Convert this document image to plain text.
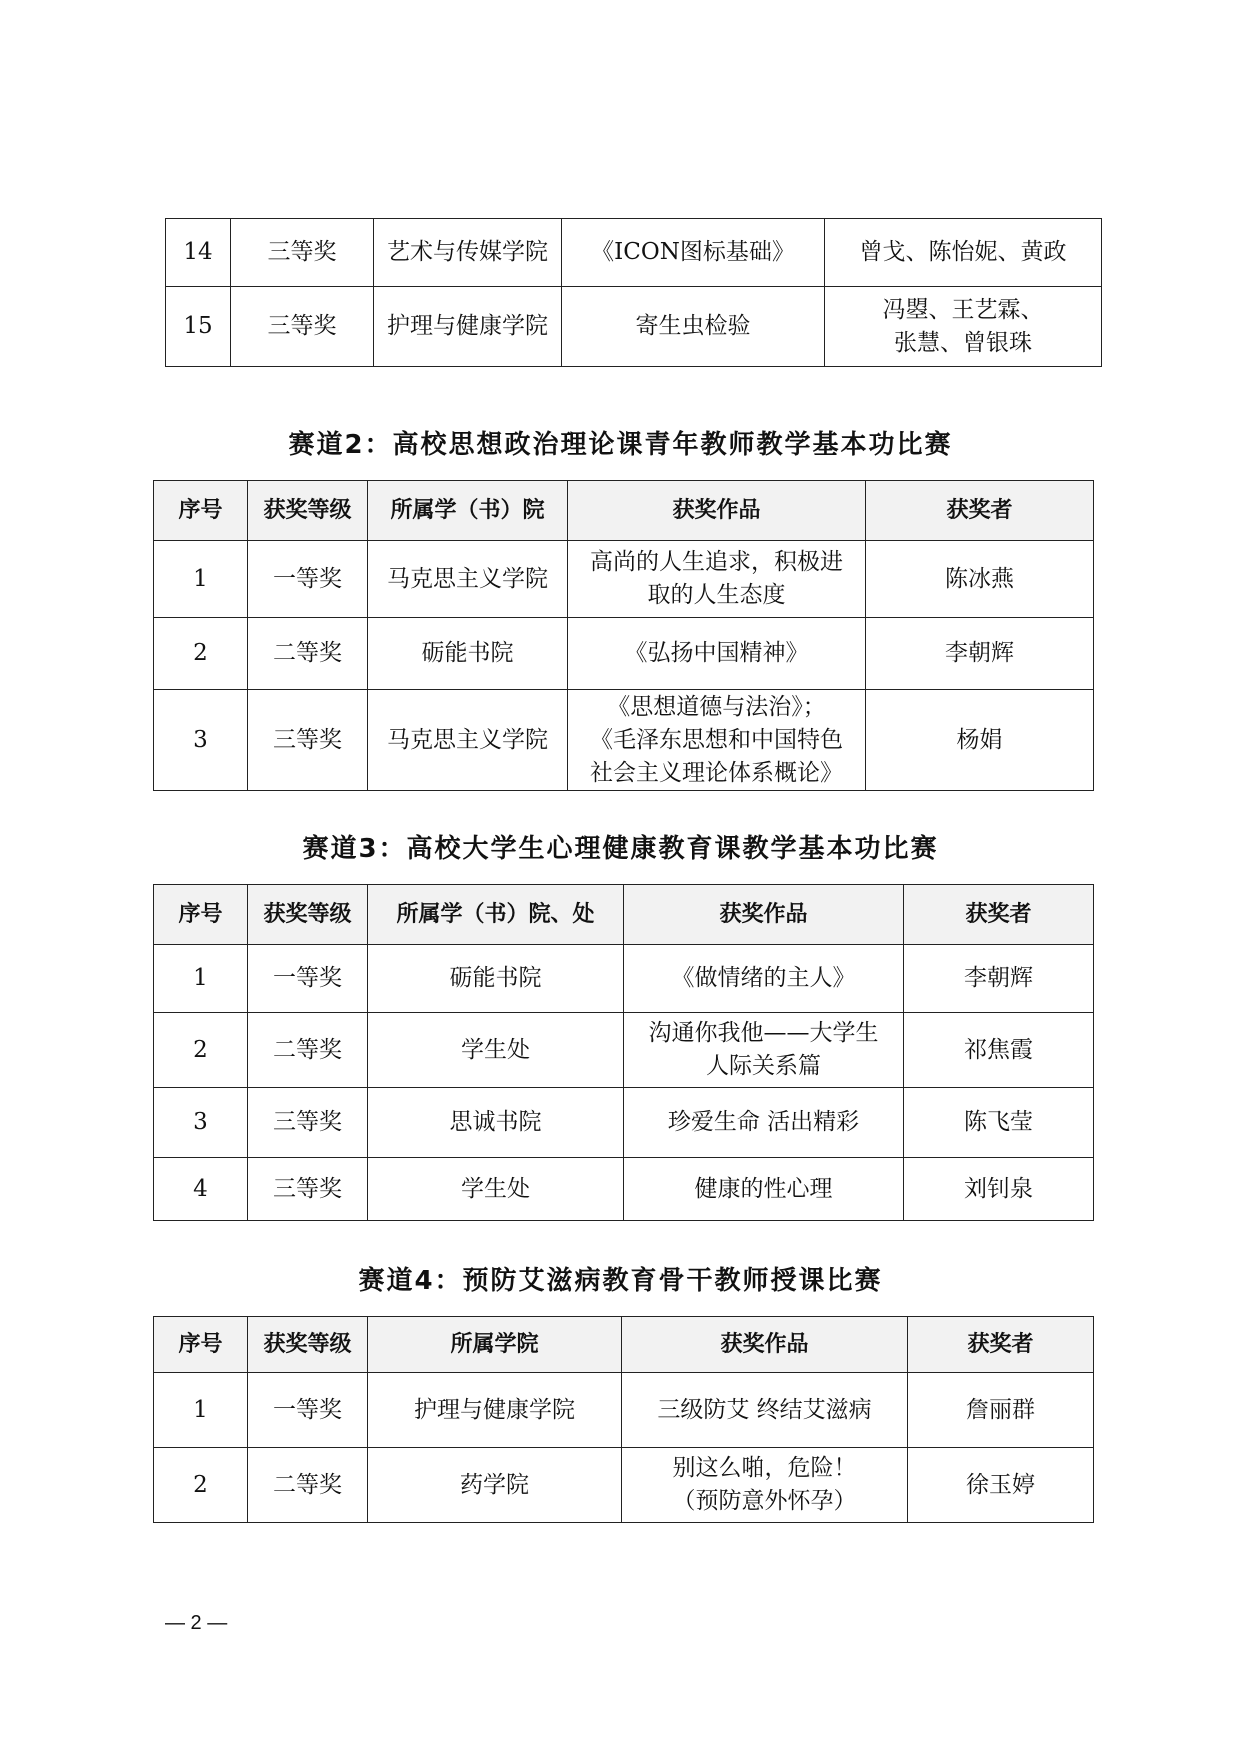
14	三等奖	艺术与传媒学院	《ICON图标基础》	曾戈、陈怡妮、黄政
15	三等奖	护理与健康学院	寄生虫检验	冯曌、王艺霖、
张慧、曾银珠
赛道2：高校思想政治理论课青年教师教学基本功比赛
序号	获奖等级	所属学（书）院	获奖作品	获奖者
1	一等奖	马克思主义学院	高尚的人生追求，积极进
取的人生态度	陈冰燕
2	二等奖	砺能书院	《弘扬中国精神》	李朝辉
3	三等奖	马克思主义学院	《思想道德与法治》；
《毛泽东思想和中国特色
社会主义理论体系概论》	杨娟
赛道3：高校大学生心理健康教育课教学基本功比赛
序号	获奖等级	所属学（书）院、处	获奖作品	获奖者
1	一等奖	砺能书院	《做情绪的主人》	李朝辉
2	二等奖	学生处	沟通你我他——大学生
人际关系篇	祁焦霞
3	三等奖	思诚书院	珍爱生命 活出精彩	陈飞莹
4	三等奖	学生处	健康的性心理	刘钊泉
赛道4：预防艾滋病教育骨干教师授课比赛
序号	获奖等级	所属学院	获奖作品	获奖者
1	一等奖	护理与健康学院	三级防艾 终结艾滋病	詹丽群
2	二等奖	药学院	别这么啪，危险！
（预防意外怀孕）	徐玉婷
— 2 —
